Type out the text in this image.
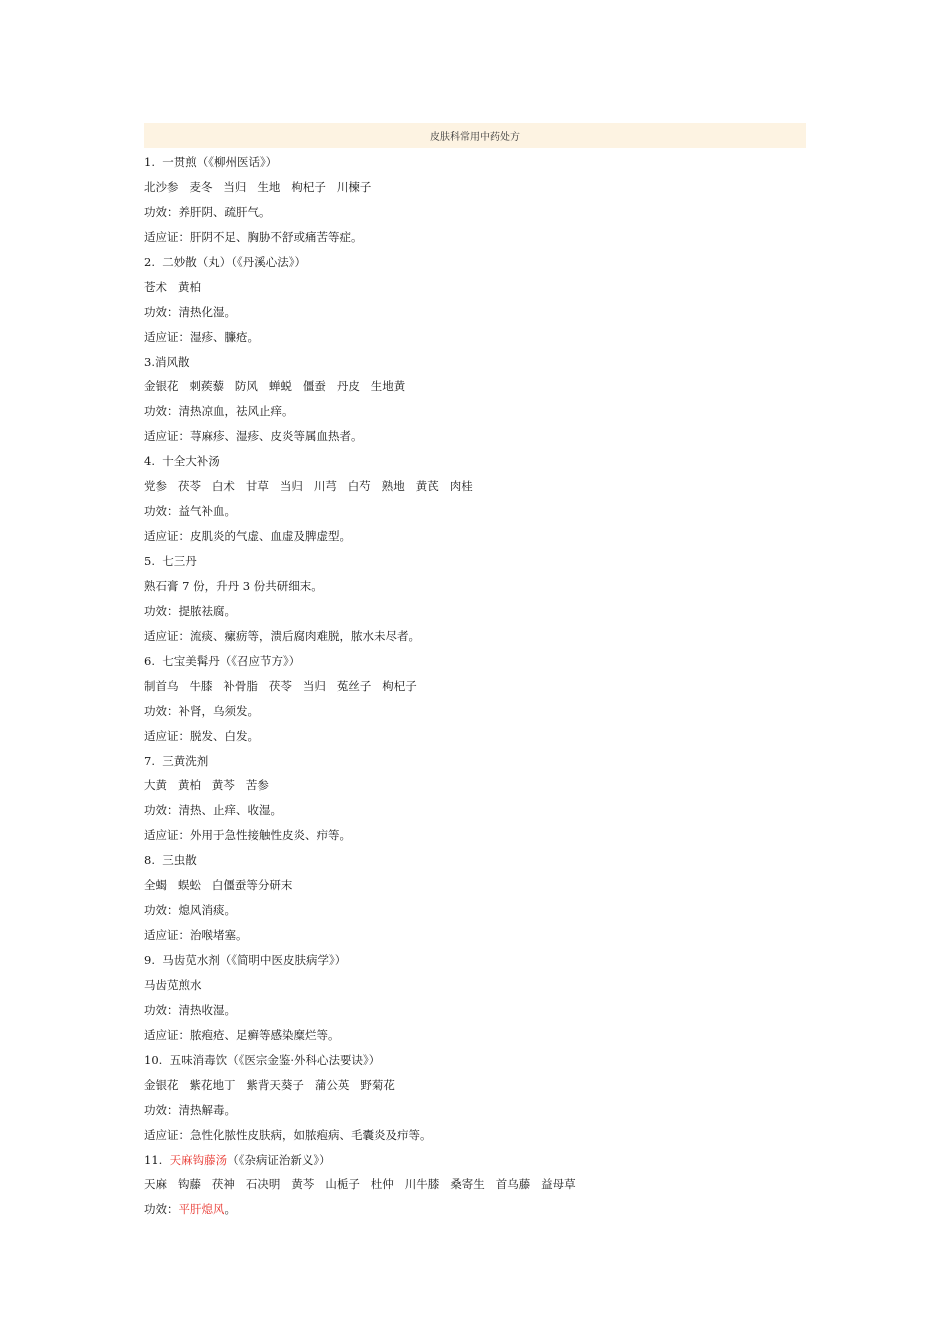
皮肤科常用中药处方
1.  一贯煎（《柳州医话》）
北沙参   麦冬   当归   生地   枸杞子   川楝子
功效：养肝阴、疏肝气。
适应证：肝阴不足、胸胁不舒或痛苦等症。
2.  二妙散（丸）（《丹溪心法》）
苍术   黄柏
功效：清热化湿。
适应证：湿疹、臁疮。
3.消风散
金银花   刺蒺藜   防风   蝉蜕   僵蚕   丹皮   生地黄
功效：清热凉血，祛风止痒。
适应证：荨麻疹、湿疹、皮炎等属血热者。
4.  十全大补汤
党参   茯苓   白术   甘草   当归   川芎   白芍   熟地   黄芪   肉桂
功效：益气补血。
适应证：皮肌炎的气虚、血虚及脾虚型。
5.  七三丹
熟石膏 7 份，升丹 3 份共研细末。
功效：提脓祛腐。
适应证：流痰、瘰疬等，溃后腐肉难脱，脓水未尽者。
6.  七宝美髯丹（《召应节方》）
制首乌   牛膝   补骨脂   茯苓   当归   菟丝子   枸杞子
功效：补肾，乌须发。
适应证：脱发、白发。
7.  三黄洗剂
大黄   黄柏   黄芩   苦参
功效：清热、止痒、收湿。
适应证：外用于急性接触性皮炎、疖等。
8.  三虫散
全蝎   蜈蚣   白僵蚕等分研末
功效：熄风消痰。
适应证：治喉堵塞。
9.  马齿苋水剂（《简明中医皮肤病学》）
马齿苋煎水
功效：清热收湿。
适应证：脓疱疮、足癣等感染糜烂等。
10.  五味消毒饮（《医宗金鉴·外科心法要诀》）
金银花   紫花地丁   紫背天葵子   蒲公英   野菊花
功效：清热解毒。
适应证：急性化脓性皮肤病，如脓疱病、毛囊炎及疖等。
11.  天麻钩藤汤（《杂病证治新义》）
天麻   钩藤   茯神   石决明   黄芩   山栀子   杜仲   川牛膝   桑寄生   首乌藤   益母草
功效：平肝熄风。
